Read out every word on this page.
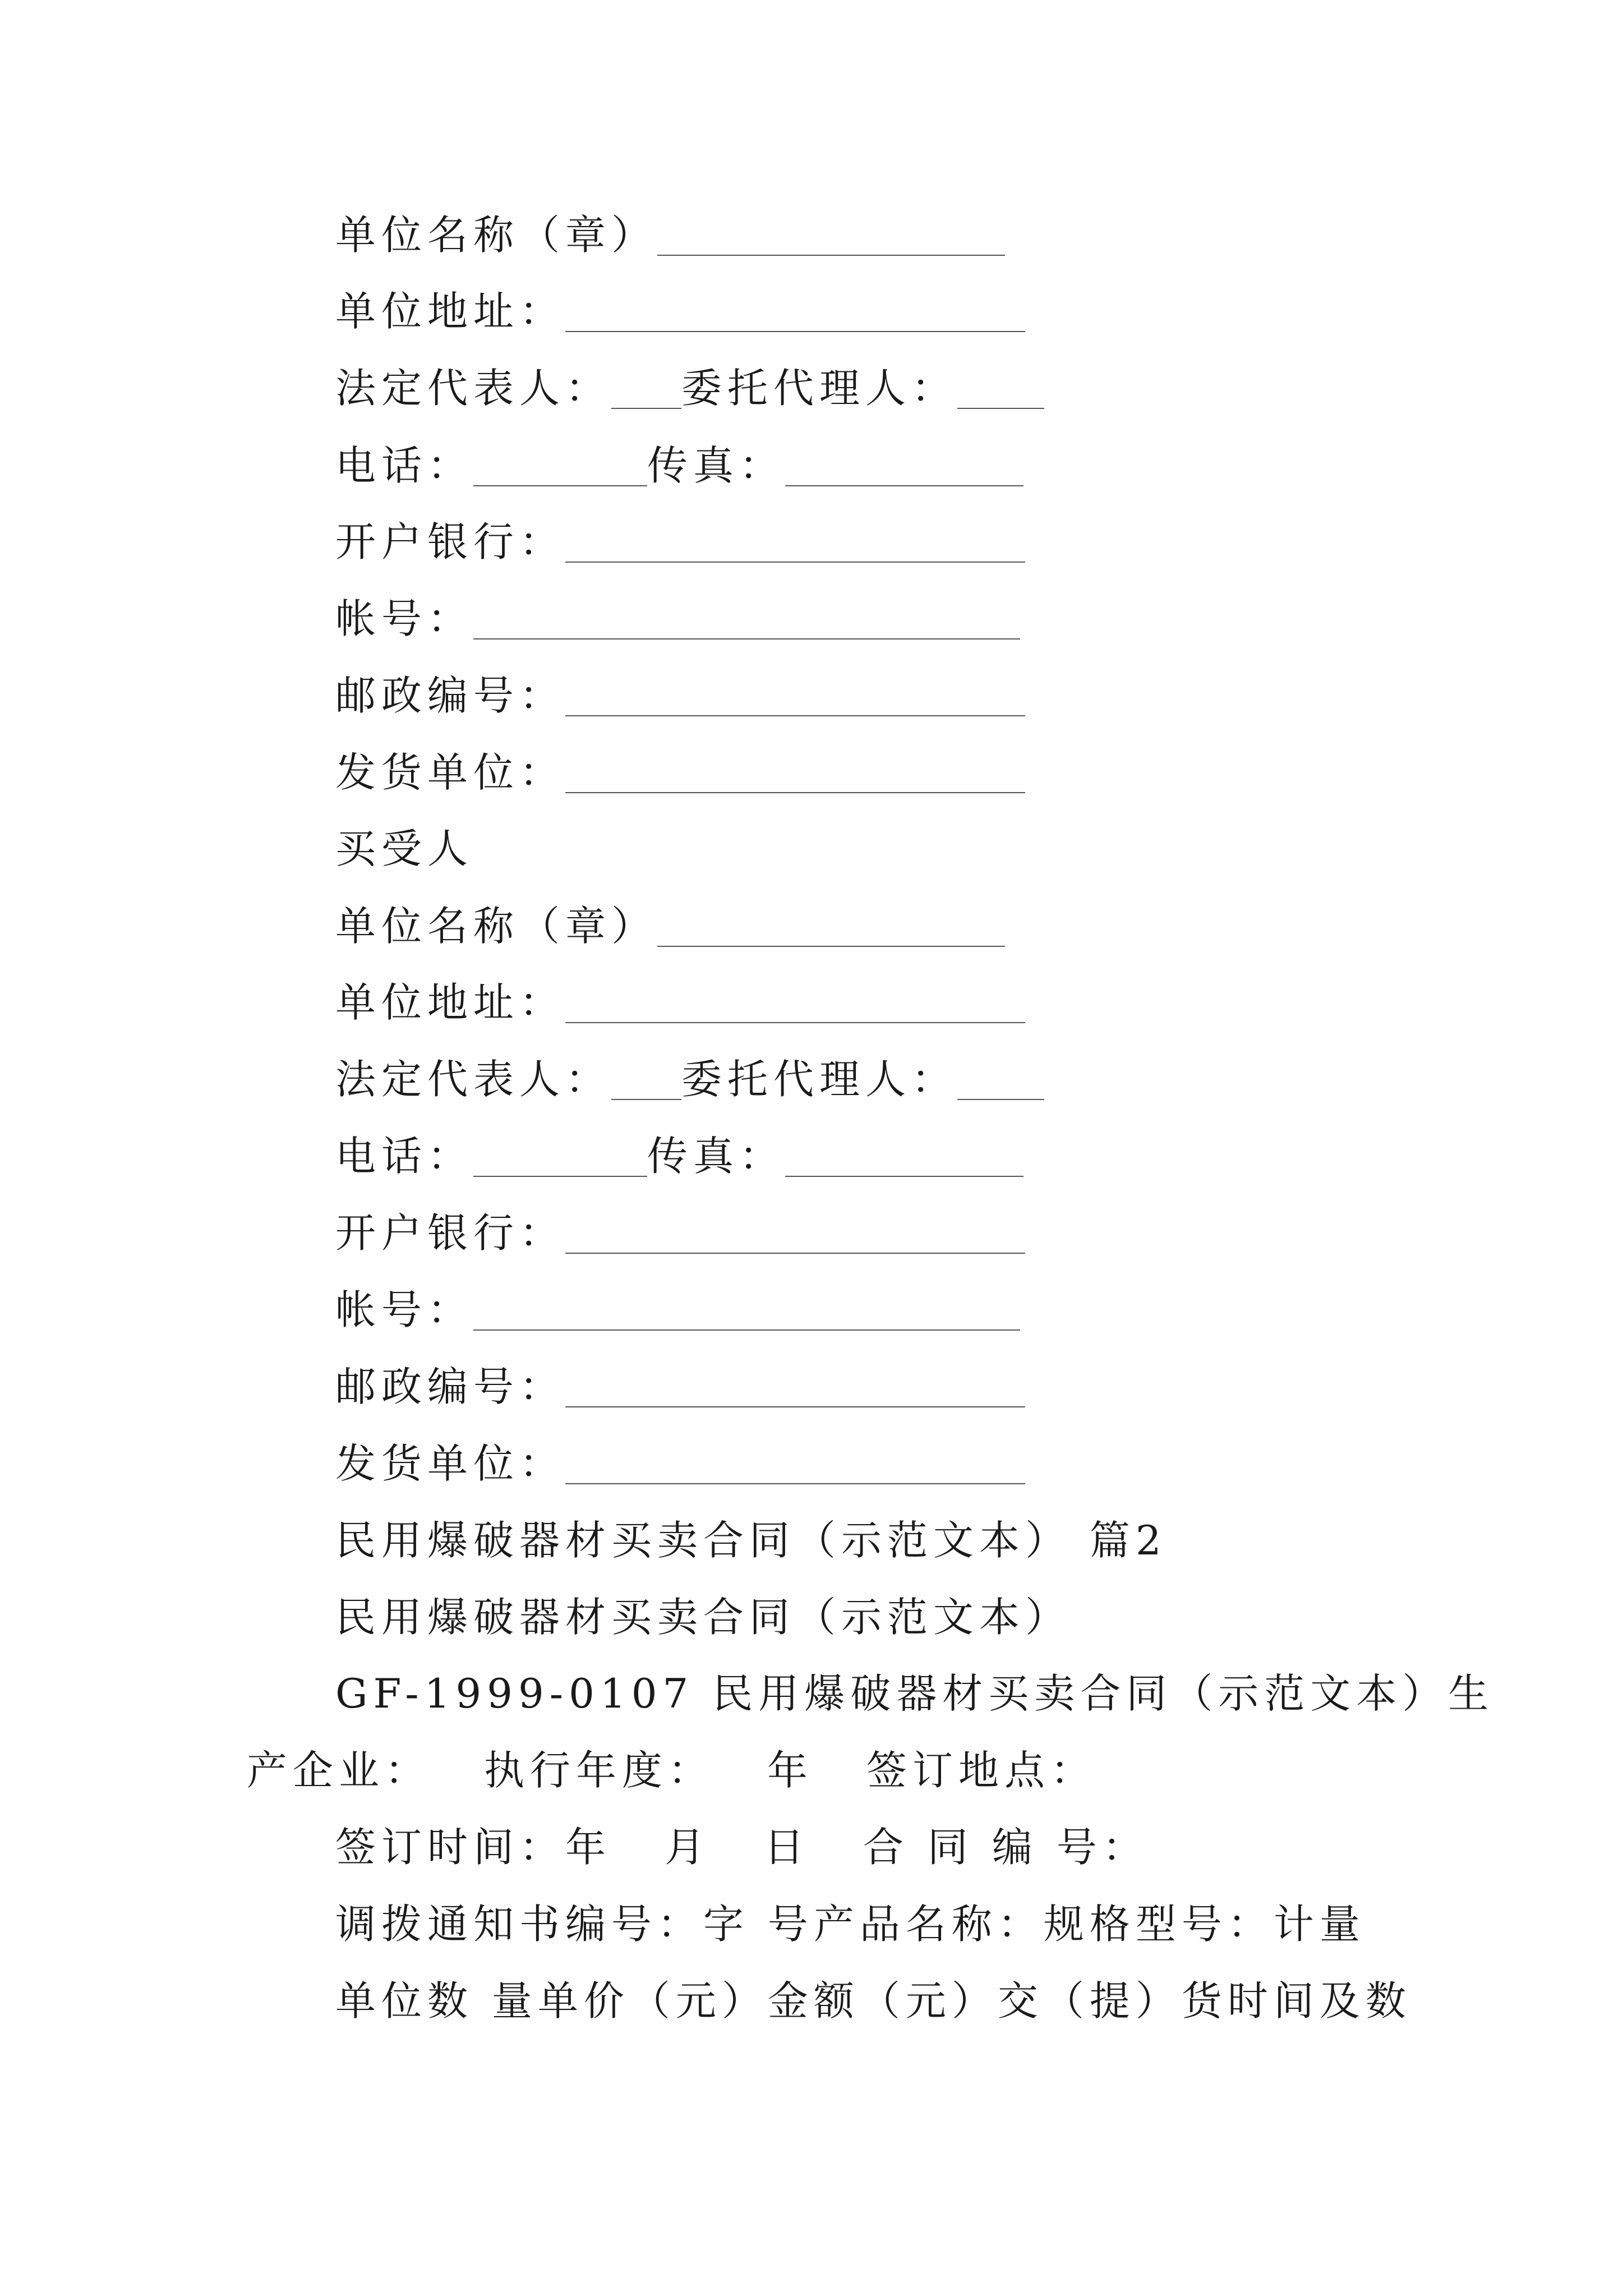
单位名称（章）
单位地址：
法定代表人： 委托代理人：
电话：	传真：
开户银行：
帐号：
邮政编号：
发货单位：
买受人
单位名称（章）
单位地址：
法定代表人： 委托代理人：
电话：	传真：
开户银行：
帐号：
邮政编号：
发货单位：
民用爆破器材买卖合同（示范文本） 篇2
民用爆破器材买卖合同（示范文本）
GF-1999-0107 民用爆破器材买卖合同（示范文本）生
产企业： 执行年度： 年 签订地点：
签订时间：年 月 日 合 同 编 号：
调拨通知书编号：字 号产品名称：规格型号：计量
单位数 量单价（元）金额（元）交（提）货时间及数
